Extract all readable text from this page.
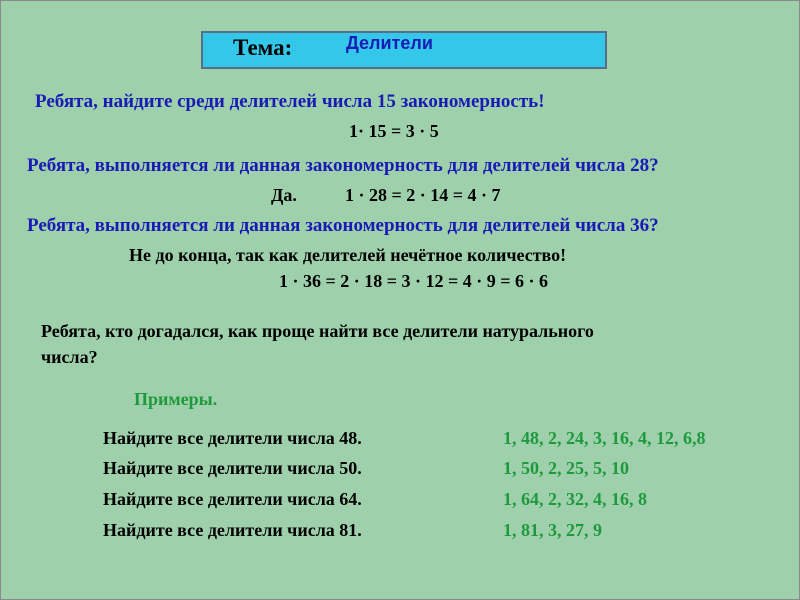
Тема:	Делители
Ребята, найдите среди делителей числа 15 закономерность!
1· 15 = 3 · 5
Ребята, выполняется ли данная закономерность для делителей числа 28?
Да.	1 · 28 = 2 · 14 = 4 · 7
Ребята, выполняется ли данная закономерность для делителей числа 36?
Не до конца, так как делителей нечётное количество!
1 · 36 = 2 · 18 = 3 · 12 = 4 · 9 = 6 · 6
Ребята, кто догадался, как проще найти все делители натурального
числа?
Примеры.
Найдите все делители числа 48.	1, 48, 2, 24, 3, 16, 4, 12, 6,8
Найдите все делители числа 50.	1, 50, 2, 25, 5, 10
Найдите все делители числа 64.	1, 64, 2, 32, 4, 16, 8
Найдите все делители числа 81.	1, 81, 3, 27, 9
